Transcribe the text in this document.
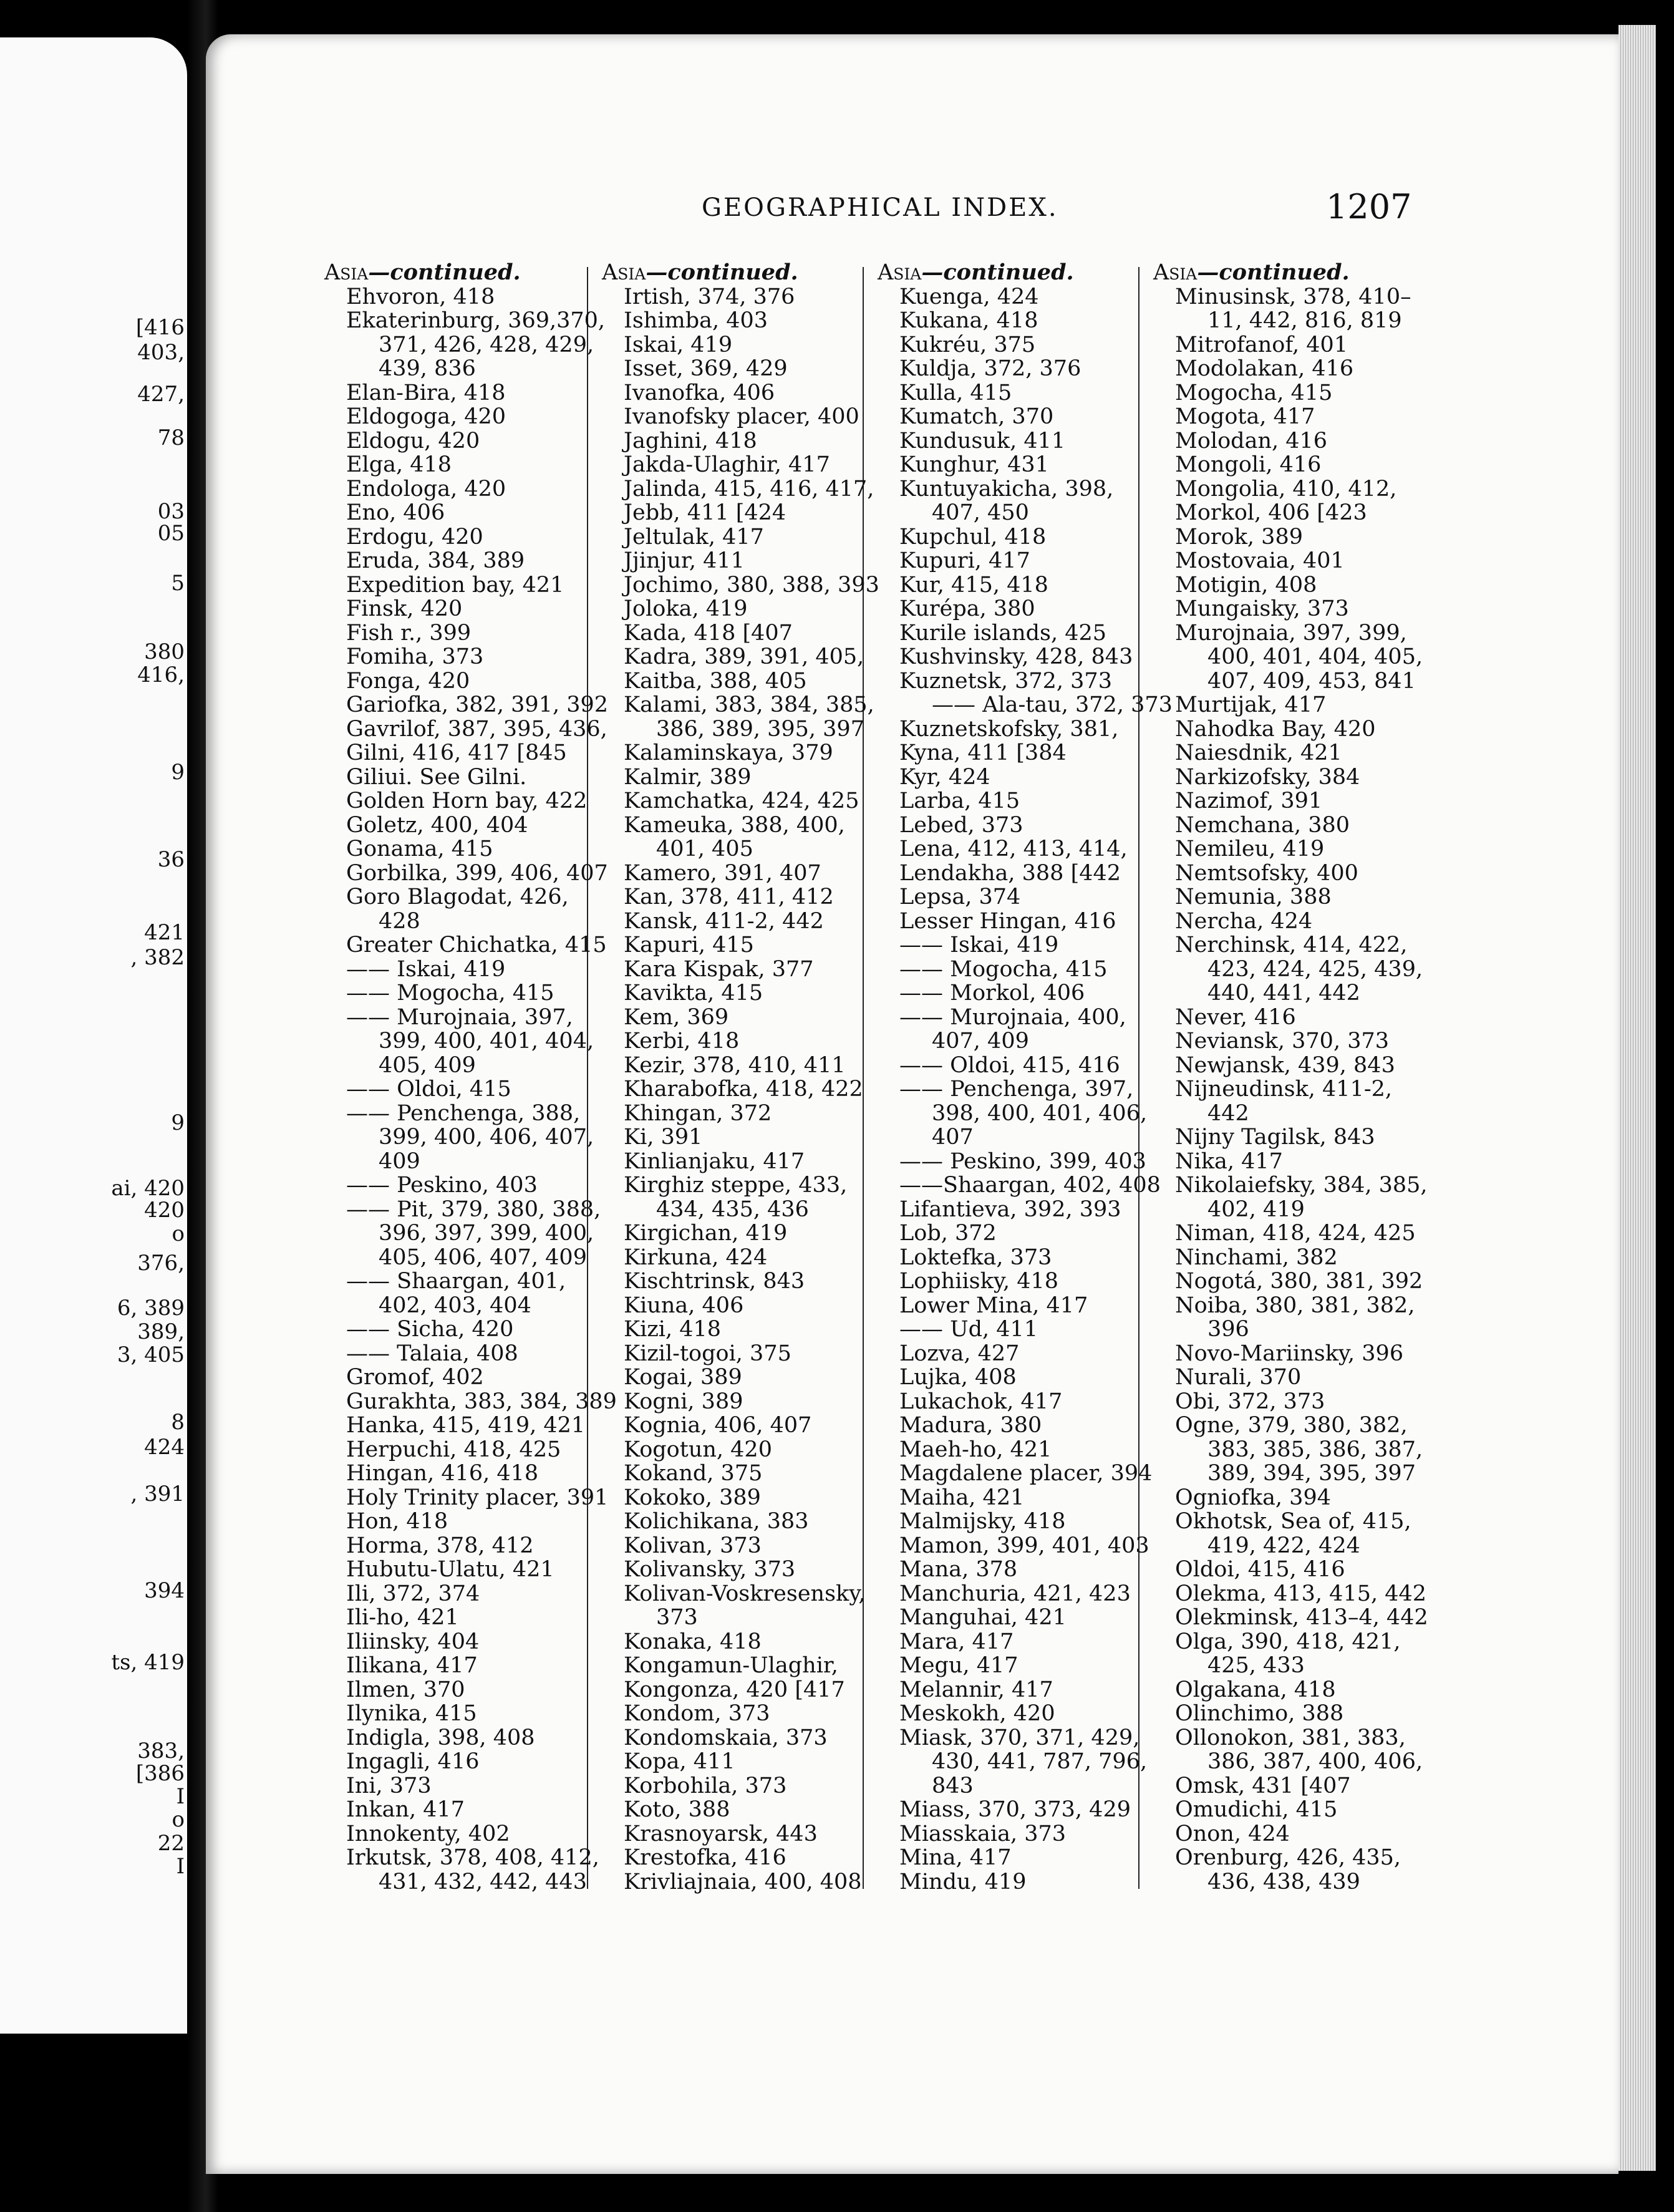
[416
403,
427,
78
03
05
5
380
416,
9
36
421
, 382
9
ai, 420
420
o
376,
6, 389
389,
3, 405
8
424
, 391
394
ts, 419
383,
[386
I
o
22
I
GEOGRAPHICAL INDEX.	1207
Asia—continued.
Ehvoron, 418
Ekaterinburg, 369,370,
371, 426, 428, 429,
439, 836
Elan-Bira, 418
Eldogoga, 420
Eldogu, 420
Elga, 418
Endologa, 420
Eno, 406
Erdogu, 420
Eruda, 384, 389
Expedition bay, 421
Finsk, 420
Fish r., 399
Fomiha, 373
Fonga, 420
Gariofka, 382, 391, 392
Gavrilof, 387, 395, 436,
Gilni, 416, 417 [845
Giliui. See Gilni.
Golden Horn bay, 422
Goletz, 400, 404
Gonama, 415
Gorbilka, 399, 406, 407
Goro Blagodat, 426,
428
Greater Chichatka, 415
—— Iskai, 419
—— Mogocha, 415
—— Murojnaia, 397,
399, 400, 401, 404,
405, 409
—— Oldoi, 415
—— Penchenga, 388,
399, 400, 406, 407,
409
—— Peskino, 403
—— Pit, 379, 380, 388,
396, 397, 399, 400,
405, 406, 407, 409
—— Shaargan, 401,
402, 403, 404
—— Sicha, 420
—— Talaia, 408
Gromof, 402
Gurakhta, 383, 384, 389
Hanka, 415, 419, 421
Herpuchi, 418, 425
Hingan, 416, 418
Holy Trinity placer, 391
Hon, 418
Horma, 378, 412
Hubutu-Ulatu, 421
Ili, 372, 374
Ili-ho, 421
Iliinsky, 404
Ilikana, 417
Ilmen, 370
Ilynika, 415
Indigla, 398, 408
Ingagli, 416
Ini, 373
Inkan, 417
Innokenty, 402
Irkutsk, 378, 408, 412,
431, 432, 442, 443
Asia—continued.
Irtish, 374, 376
Ishimba, 403
Iskai, 419
Isset, 369, 429
Ivanofka, 406
Ivanofsky placer, 400
Jaghini, 418
Jakda-Ulaghir, 417
Jalinda, 415, 416, 417,
Jebb, 411 [424
Jeltulak, 417
Jjinjur, 411
Jochimo, 380, 388, 393
Joloka, 419
Kada, 418 [407
Kadra, 389, 391, 405,
Kaitba, 388, 405
Kalami, 383, 384, 385,
386, 389, 395, 397
Kalaminskaya, 379
Kalmir, 389
Kamchatka, 424, 425
Kameuka, 388, 400,
401, 405
Kamero, 391, 407
Kan, 378, 411, 412
Kansk, 411-2, 442
Kapuri, 415
Kara Kispak, 377
Kavikta, 415
Kem, 369
Kerbi, 418
Kezir, 378, 410, 411
Kharabofka, 418, 422
Khingan, 372
Ki, 391
Kinlianjaku, 417
Kirghiz steppe, 433,
434, 435, 436
Kirgichan, 419
Kirkuna, 424
Kischtrinsk, 843
Kiuna, 406
Kizi, 418
Kizil-togoi, 375
Kogai, 389
Kogni, 389
Kognia, 406, 407
Kogotun, 420
Kokand, 375
Kokoko, 389
Kolichikana, 383
Kolivan, 373
Kolivansky, 373
Kolivan-Voskresensky,
373
Konaka, 418
Kongamun-Ulaghir,
Kongonza, 420 [417
Kondom, 373
Kondomskaia, 373
Kopa, 411
Korbohila, 373
Koto, 388
Krasnoyarsk, 443
Krestofka, 416
Krivliajnaia, 400, 408
Asia—continued.
Kuenga, 424
Kukana, 418
Kukréu, 375
Kuldja, 372, 376
Kulla, 415
Kumatch, 370
Kundusuk, 411
Kunghur, 431
Kuntuyakicha, 398,
407, 450
Kupchul, 418
Kupuri, 417
Kur, 415, 418
Kurépa, 380
Kurile islands, 425
Kushvinsky, 428, 843
Kuznetsk, 372, 373
—— Ala-tau, 372, 373
Kuznetskofsky, 381,
Kyna, 411 [384
Kyr, 424
Larba, 415
Lebed, 373
Lena, 412, 413, 414,
Lendakha, 388 [442
Lepsa, 374
Lesser Hingan, 416
—— Iskai, 419
—— Mogocha, 415
—— Morkol, 406
—— Murojnaia, 400,
407, 409
—— Oldoi, 415, 416
—— Penchenga, 397,
398, 400, 401, 406,
407
—— Peskino, 399, 403
——Shaargan, 402, 408
Lifantieva, 392, 393
Lob, 372
Loktefka, 373
Lophiisky, 418
Lower Mina, 417
—— Ud, 411
Lozva, 427
Lujka, 408
Lukachok, 417
Madura, 380
Maeh-ho, 421
Magdalene placer, 394
Maiha, 421
Malmijsky, 418
Mamon, 399, 401, 403
Mana, 378
Manchuria, 421, 423
Manguhai, 421
Mara, 417
Megu, 417
Melannir, 417
Meskokh, 420
Miask, 370, 371, 429,
430, 441, 787, 796,
843
Miass, 370, 373, 429
Miasskaia, 373
Mina, 417
Mindu, 419
Asia—continued.
Minusinsk, 378, 410–
11, 442, 816, 819
Mitrofanof, 401
Modolakan, 416
Mogocha, 415
Mogota, 417
Molodan, 416
Mongoli, 416
Mongolia, 410, 412,
Morkol, 406 [423
Morok, 389
Mostovaia, 401
Motigin, 408
Mungaisky, 373
Murojnaia, 397, 399,
400, 401, 404, 405,
407, 409, 453, 841
Murtijak, 417
Nahodka Bay, 420
Naiesdnik, 421
Narkizofsky, 384
Nazimof, 391
Nemchana, 380
Nemileu, 419
Nemtsofsky, 400
Nemunia, 388
Nercha, 424
Nerchinsk, 414, 422,
423, 424, 425, 439,
440, 441, 442
Never, 416
Neviansk, 370, 373
Newjansk, 439, 843
Nijneudinsk, 411-2,
442
Nijny Tagilsk, 843
Nika, 417
Nikolaiefsky, 384, 385,
402, 419
Niman, 418, 424, 425
Ninchami, 382
Nogotá, 380, 381, 392
Noiba, 380, 381, 382,
396
Novo-Mariinsky, 396
Nurali, 370
Obi, 372, 373
Ogne, 379, 380, 382,
383, 385, 386, 387,
389, 394, 395, 397
Ogniofka, 394
Okhotsk, Sea of, 415,
419, 422, 424
Oldoi, 415, 416
Olekma, 413, 415, 442
Olekminsk, 413–4, 442
Olga, 390, 418, 421,
425, 433
Olgakana, 418
Olinchimo, 388
Ollonokon, 381, 383,
386, 387, 400, 406,
Omsk, 431 [407
Omudichi, 415
Onon, 424
Orenburg, 426, 435,
436, 438, 439
